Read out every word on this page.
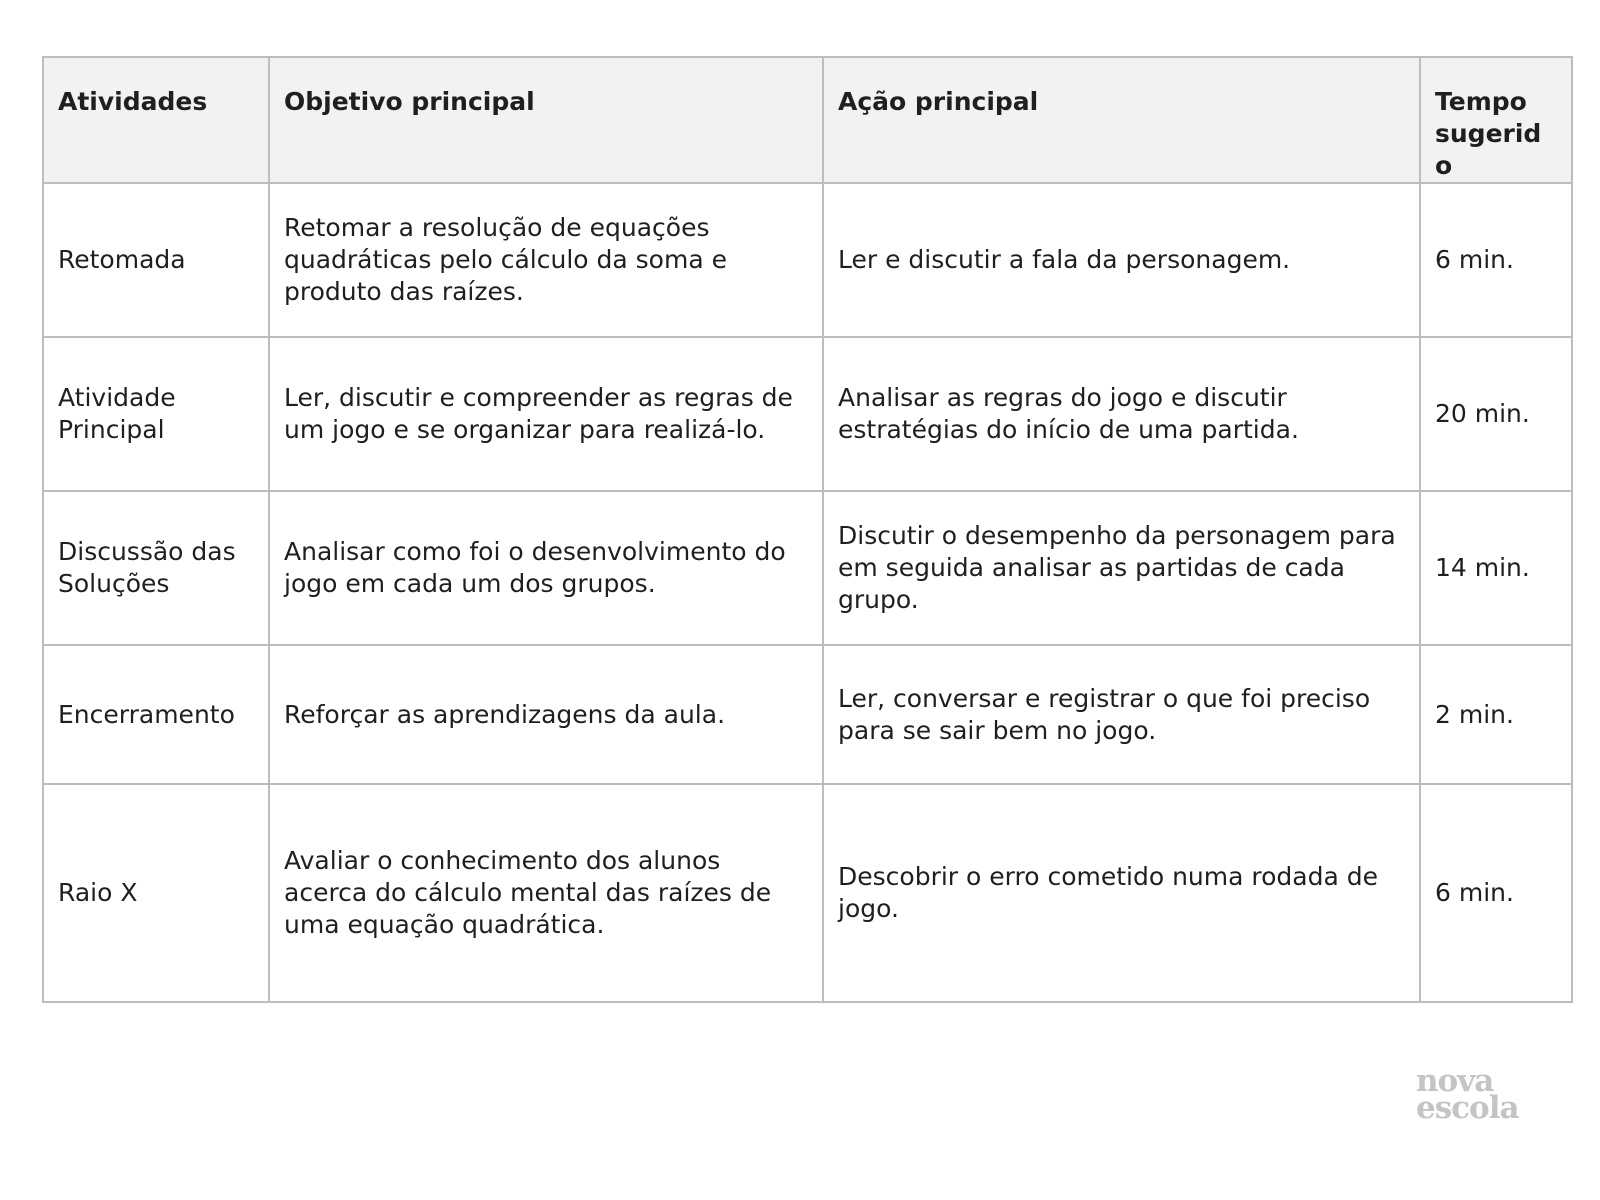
Atividades	Objetivo principal	Ação principal	Tempo sugerido
Retomada	Retomar a resolução de equações quadráticas pelo cálculo da soma e produto das raízes.	Ler e discutir a fala da personagem.	6 min.
Atividade Principal	Ler, discutir e compreender as regras de um jogo e se organizar para realizá-lo.	Analisar as regras do jogo e discutir estratégias do início de uma partida.	20 min.
Discussão das Soluções	Analisar como foi o desenvolvimento do jogo em cada um dos grupos.	Discutir o desempenho da personagem para em seguida analisar as partidas de cada grupo.	14 min.
Encerramento	Reforçar as aprendizagens da aula.	Ler, conversar e registrar o que foi preciso para se sair bem no jogo.	2 min.
Raio X	Avaliar o conhecimento dos alunos acerca do cálculo mental das raízes de uma equação quadrática.	Descobrir o erro cometido numa rodada de jogo.	6 min.
nova
escola
